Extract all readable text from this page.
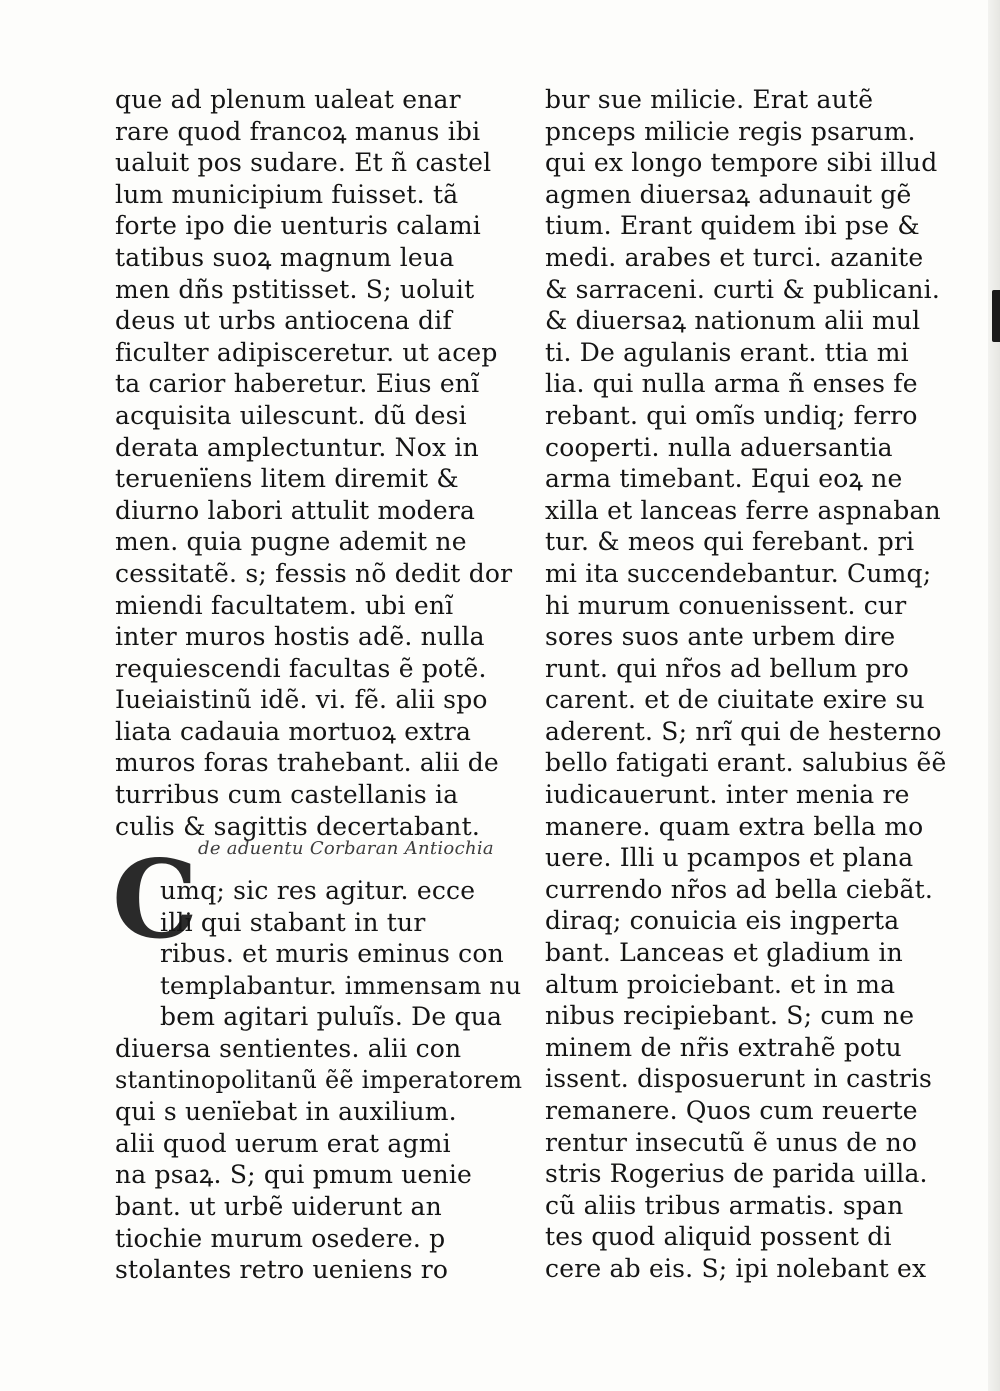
que ad plenum ualeat enar
rare quod francoꝝ manus ibi
ualuit pos sudare. Et ñ castel
lum municipium fuisset. tã
forte ipo die uenturis calami
tatibus suoꝝ magnum leua
men dñs pstitisset. S; uoluit
deus ut urbs antiocena dif
ficulter adipisceretur. ut acep
ta carior haberetur. Eius enĩ
acquisita uilescunt. dũ desi
derata amplectuntur. Nox in
teruenïens litem diremit &
diurno labori attulit modera
men. quia pugne ademit ne
cessitatẽ. s; fessis nõ dedit dor
miendi facultatem. ubi enĩ
inter muros hostis adẽ. nulla
requiescendi facultas ẽ potẽ.
Iueiaistinũ idẽ. vi. fẽ. alii spo
liata cadauia mortuoꝝ extra
muros foras trahebant. alii de
turribus cum castellanis ia
culis & sagittis decertabant.
de aduentu Corbaran Antiochia
C
umq; sic res agitur. ecce
illi qui stabant in tur
ribus. et muris eminus con
templabantur. immensam nu
bem agitari puluĩs. De qua
diuersa sentientes. alii con
stantinopolitanũ ẽẽ imperatorem
qui s uenïebat in auxilium.
alii quod uerum erat agmi
na psaꝝ. S; qui pmum uenie
bant. ut urbẽ uiderunt an
tiochie murum osedere. p
stolantes retro ueniens ro
bur sue milicie. Erat autẽ
pnceps milicie regis psarum.
qui ex longo tempore sibi illud
agmen diuersaꝝ adunauit gẽ
tium. Erant quidem ibi pse &
medi. arabes et turci. azanite
& sarraceni. curti & publicani.
& diuersaꝝ nationum alii mul
ti. De agulanis erant. ttia mi
lia. qui nulla arma ñ enses fe
rebant. qui omĩs undiq; ferro
cooperti. nulla aduersantia
arma timebant. Equi eoꝝ ne
xilla et lanceas ferre aspnaban
tur. & meos qui ferebant. pri
mi ita succendebantur. Cumq;
hi murum conuenissent. cur
sores suos ante urbem dire
runt. qui nr̃os ad bellum pro
carent. et de ciuitate exire su
aderent. S; nrĩ qui de hesterno
bello fatigati erant. salubius ẽẽ
iudicauerunt. inter menia re
manere. quam extra bella mo
uere. Illi u pcampos et plana
currendo nr̃os ad bella ciebãt.
diraq; conuicia eis ingperta
bant. Lanceas et gladium in
altum proiciebant. et in ma
nibus recipiebant. S; cum ne
minem de nr̃is extrahẽ potu
issent. disposuerunt in castris
remanere. Quos cum reuerte
rentur insecutũ ẽ unus de no
stris Rogerius de parida uilla.
cũ aliis tribus armatis. span
tes quod aliquid possent di
cere ab eis. S; ipi nolebant ex
